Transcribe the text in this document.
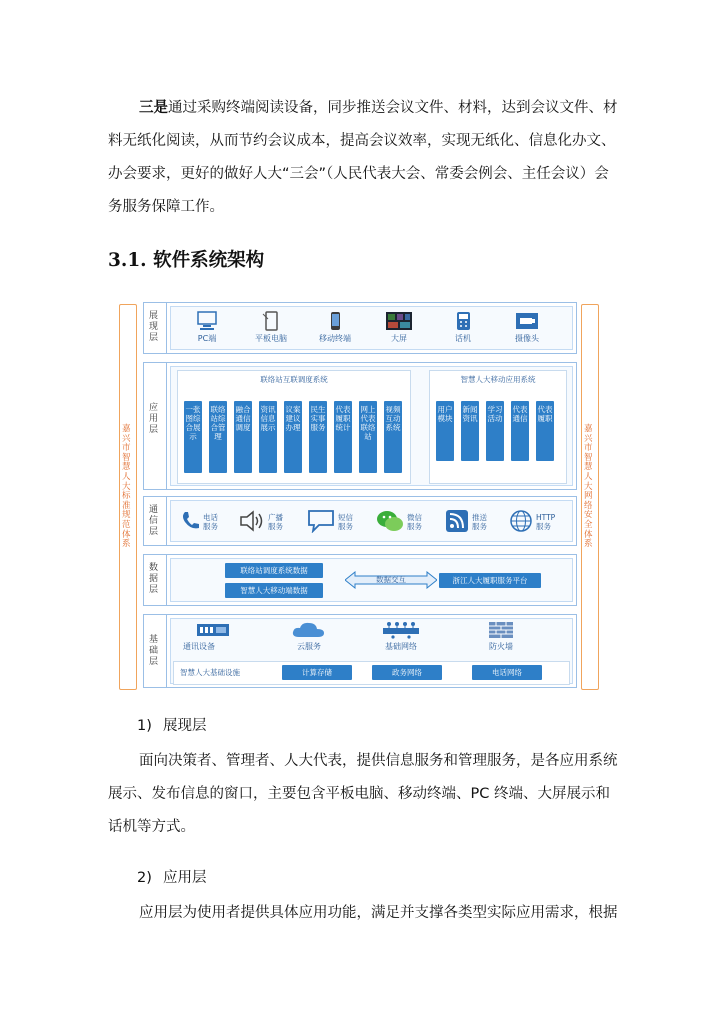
三是通过采购终端阅读设备，同步推送会议文件、材料，达到会议文件、材料无纸化阅读，从而节约会议成本，提高会议效率，实现无纸化、信息化办文、办会要求，更好的做好人大“三会”（人民代表大会、常委会例会、主任会议）会务服务保障工作。

3.1. 软件系统架构
嘉兴市智慧人大标准规范体系
嘉兴市智慧人大网络安全体系
展现层	PC端	平板电脑	移动终端	大屏	话机	摄像头
应用层
联络站互联调度系统
一张图综合展示
联络站综合管理
融合通信调度
资讯信息展示
议案建议办理
民生实事服务
代表履职统计
网上代表联络站
视频互动系统
智慧人大移动应用系统
用户模块
新闻资讯
学习活动
代表通信
代表履职
通信层
电话服务
广播服务
短信服务
微信服务
推送服务
HTTP服务
数据层
联络站调度系统数据
智慧人大移动端数据
数据交互	浙江人大履职服务平台
基础层
通讯设备	云服务	基础网络	防火墙
智慧人大基础设施	计算存储	政务网络	电话网络
1) 展现层

面向决策者、管理者、人大代表，提供信息服务和管理服务，是各应用系统展示、发布信息的窗口，主要包含平板电脑、移动终端、PC 终端、大屏展示和话机等方式。

2) 应用层

应用层为使用者提供具体应用功能，满足并支撑各类型实际应用需求，根据
